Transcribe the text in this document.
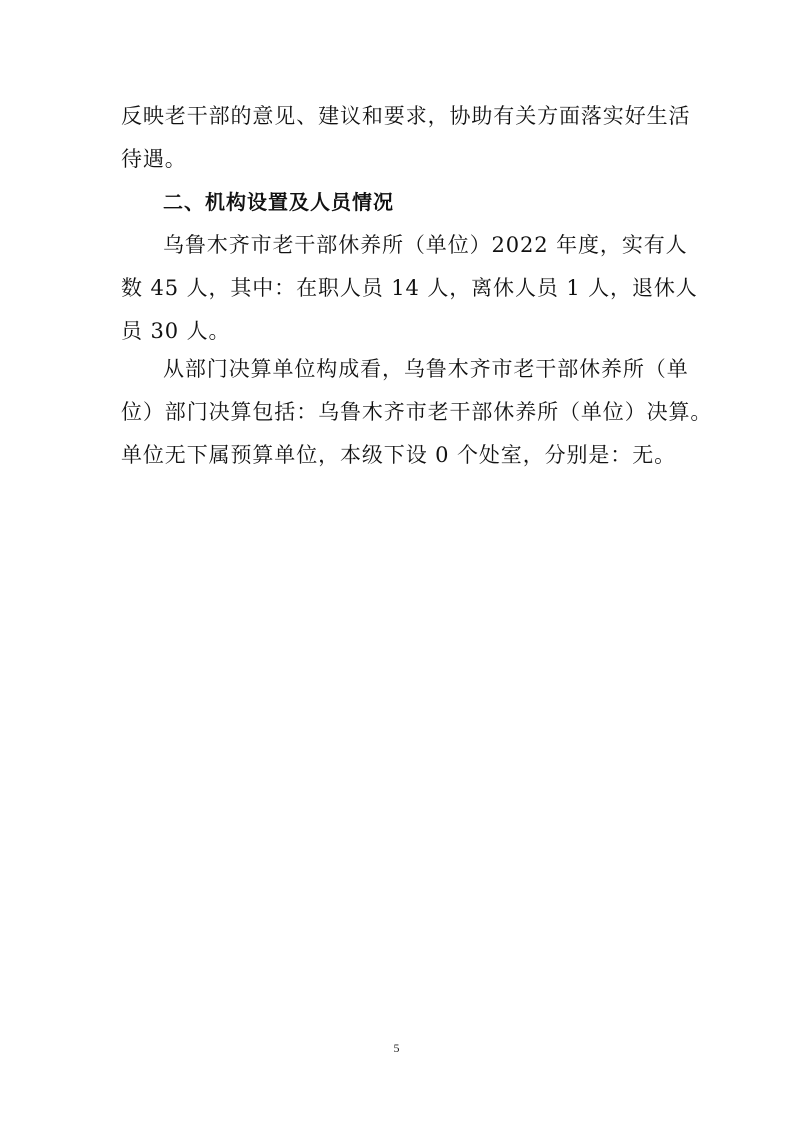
反映老干部的意见、建议和要求，协助有关方面落实好生活
待遇。
二、机构设置及人员情况
乌鲁木齐市老干部休养所（单位）2022 年度，实有人
数 45 人，其中：在职人员 14 人，离休人员 1 人，退休人
员 30 人。
从部门决算单位构成看，乌鲁木齐市老干部休养所（单
位）部门决算包括：乌鲁木齐市老干部休养所（单位）决算。
单位无下属预算单位，本级下设 0 个处室，分别是：无。
5
